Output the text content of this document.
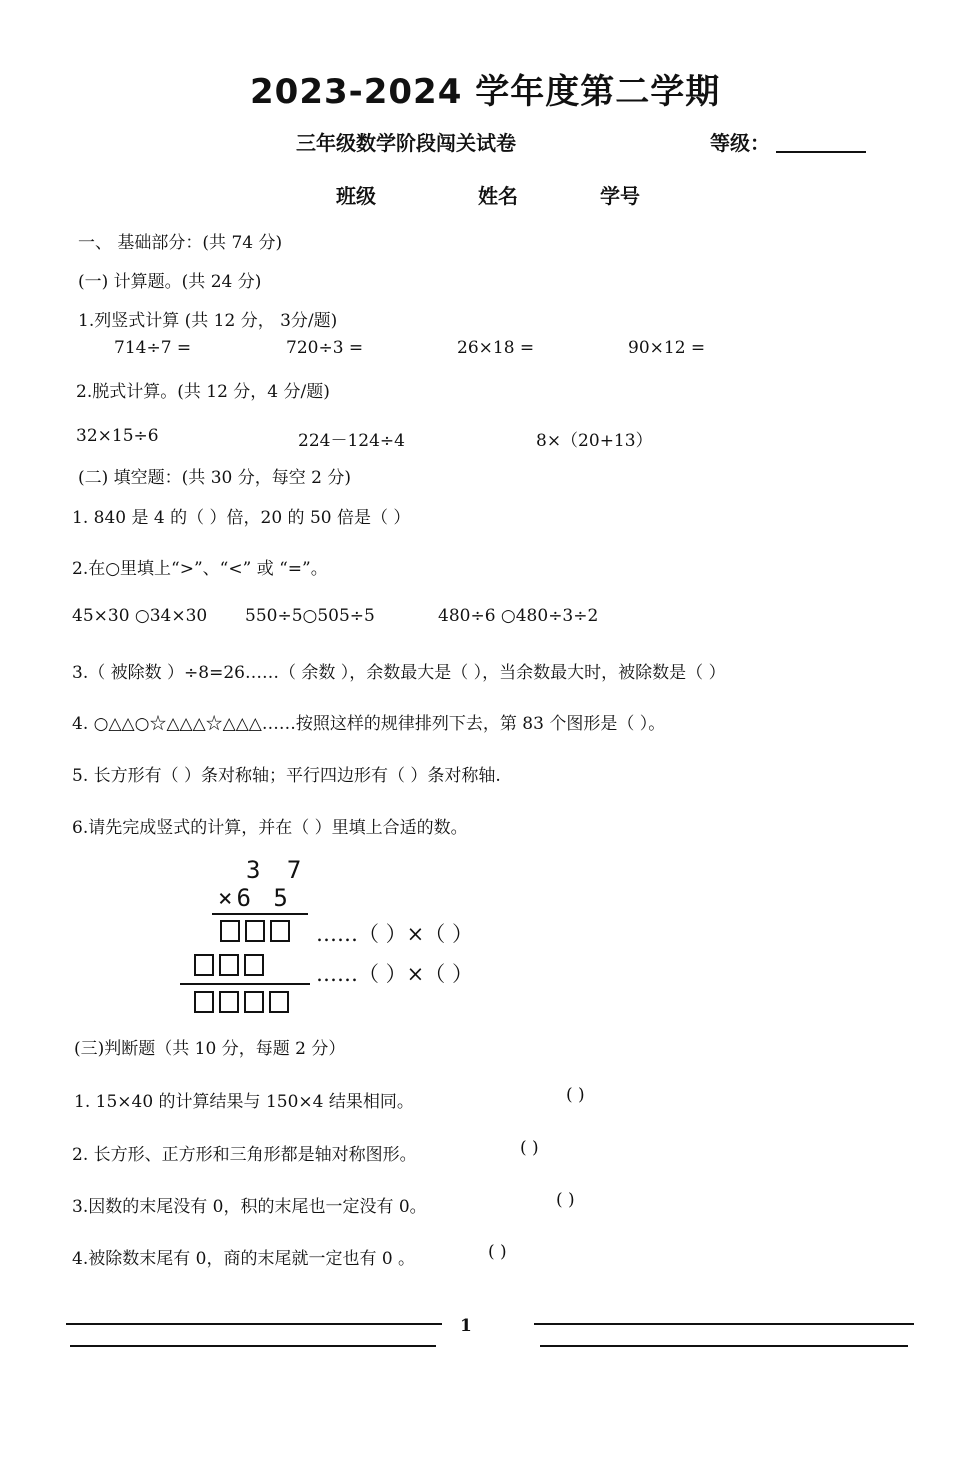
2023-2024 学年度第二学期
三年级数学阶段闯关试卷	等级：
班级	姓名	学号
一、 基础部分：(共 74 分)
(一) 计算题。(共 24 分)
1.列竖式计算 (共 12 分， 3分/题)
714÷7 =	720÷3 =	26×18 =	90×12 =
2.脱式计算。(共 12 分，4 分/题)
32×15÷6	224－124÷4	8×（20+13）
(二) 填空题：(共 30 分，每空 2 分)
1. 840 是 4 的（ ）倍，20 的 50 倍是（ ）
2.在○里填上“>”、“<” 或 “=”。
45×30 ○34×30 550÷5○505÷5	480÷6 ○480÷3÷2
3.（ 被除数 ）÷8=26……（ 余数 ），余数最大是（ ），当余数最大时，被除数是（ ）
4. ○△△○☆△△△☆△△△……按照这样的规律排列下去，第 83 个图形是（ ）。
5. 长方形有（ ）条对称轴；平行四边形有（ ）条对称轴.
6.请先完成竖式的计算，并在（ ）里填上合适的数。
3 7
×6 5
……（ ）×（ ）
……（ ）×（ ）
(三)判断题（共 10 分，每题 2 分）
1. 15×40 的计算结果与 150×4 结果相同。	( )
2. 长方形、正方形和三角形都是轴对称图形。	( )
3.因数的末尾没有 0，积的末尾也一定没有 0。	( )
4.被除数末尾有 0，商的末尾就一定也有 0 。	( )
1
